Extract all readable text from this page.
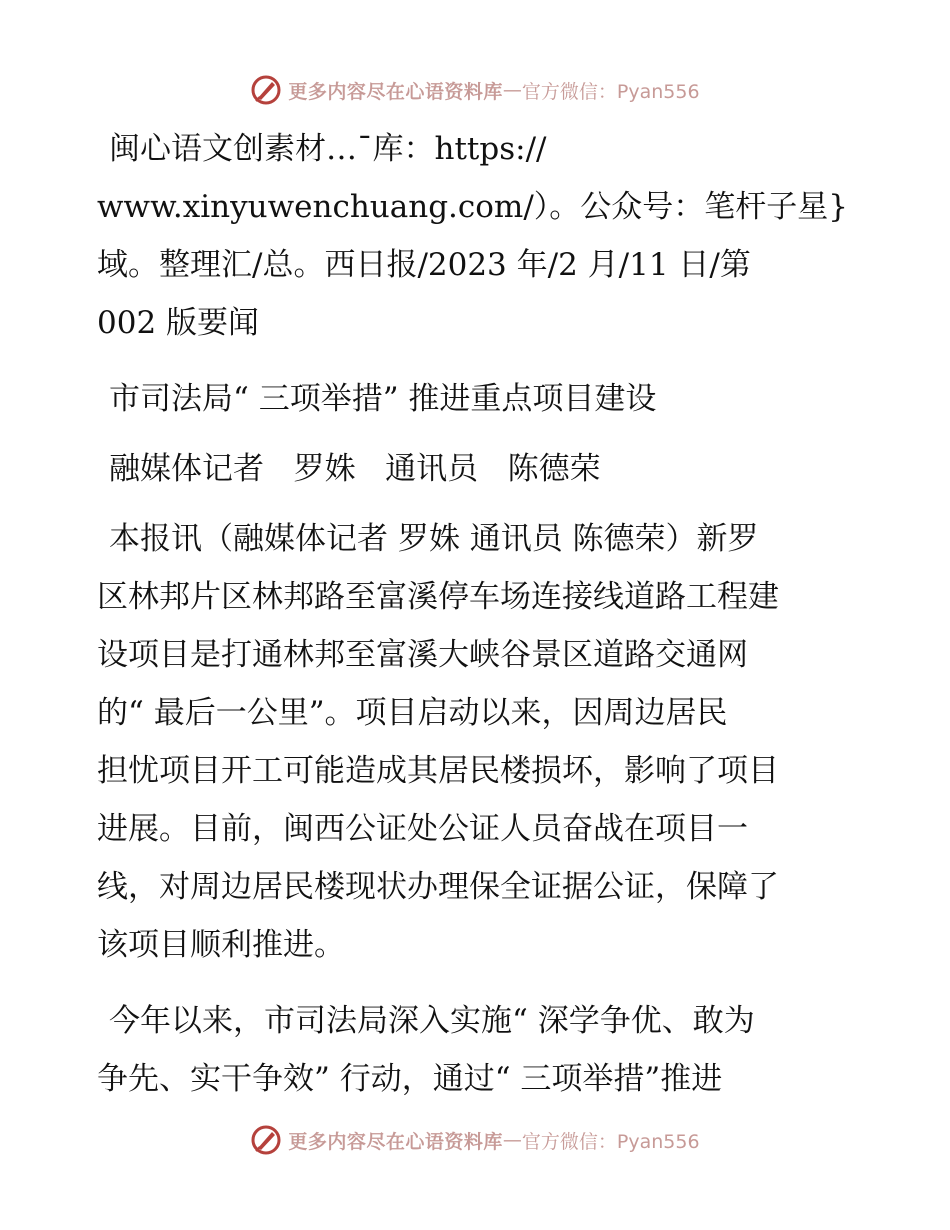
更多内容尽在心语资料库 — 官方微信：Pyan556

闽心语文创素材…¯库：https://
www.xinyuwenchuang.com/）。公众号：笔杆子星}
域。整理汇/总。西日报/2023 年/2 月/11 日/第
002 版要闻

市司法局“ 三项举措” 推进重点项目建设

融媒体记者   罗姝   通讯员   陈德荣

本报讯（融媒体记者 罗姝 通讯员 陈德荣）新罗
区林邦片区林邦路至富溪停车场连接线道路工程建
设项目是打通林邦至富溪大峡谷景区道路交通网
的“ 最后一公里”。项目启动以来，因周边居民
担忧项目开工可能造成其居民楼损坏，影响了项目
进展。目前，闽西公证处公证人员奋战在项目一
线，对周边居民楼现状办理保全证据公证，保障了
该项目顺利推进。

今年以来，市司法局深入实施“ 深学争优、敢为
争先、实干争效” 行动，通过“ 三项举措”推进

更多内容尽在心语资料库 — 官方微信：Pyan556
